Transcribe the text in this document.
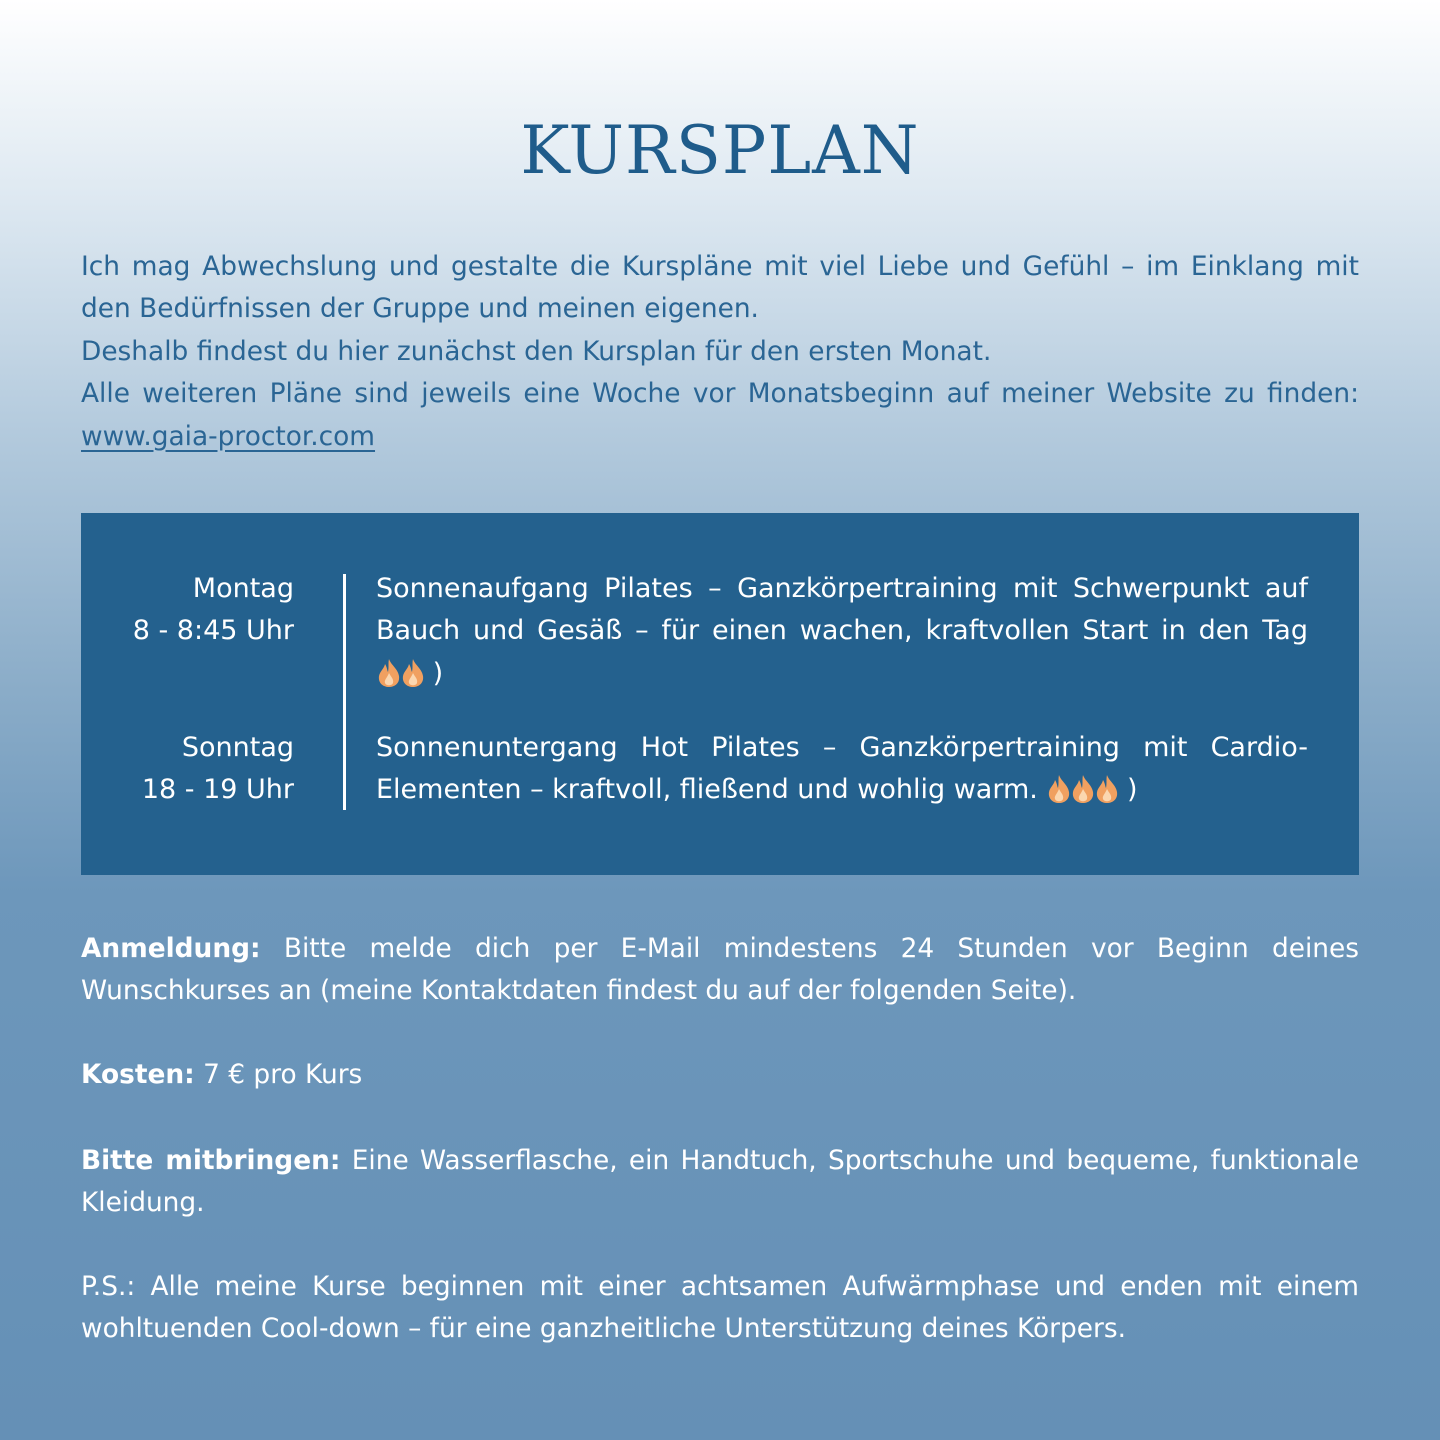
KURSPLAN

Ich mag Abwechslung und gestalte die Kurspläne mit viel Liebe und Gefühl – im Einklang mit den Bedürfnissen der Gruppe und meinen eigenen.

Deshalb findest du hier zunächst den Kursplan für den ersten Monat.

Alle weiteren Pläne sind jeweils eine Woche vor Monatsbeginn auf meiner Website zu finden: www.gaia-proctor.com

Montag
8 - 8:45 Uhr
Sonnenaufgang Pilates – Ganzkörpertraining mit Schwerpunkt auf Bauch und Gesäß – für einen wachen, kraftvollen Start in den Tag  )
Sonntag
18 - 19 Uhr
Sonnenuntergang Hot Pilates – Ganzkörpertraining mit Cardio-Elementen – kraftvoll, fließend und wohlig warm.	)

Anmeldung: Bitte melde dich per E-Mail mindestens 24 Stunden vor Beginn deines Wunschkurses an (meine Kontaktdaten findest du auf der folgenden Seite).

Kosten: 7 € pro Kurs

Bitte mitbringen: Eine Wasserflasche, ein Handtuch, Sportschuhe und bequeme, funktionale Kleidung.

P.S.: Alle meine Kurse beginnen mit einer achtsamen Aufwärmphase und enden mit einem wohltuenden Cool-down – für eine ganzheitliche Unterstützung deines Körpers.
